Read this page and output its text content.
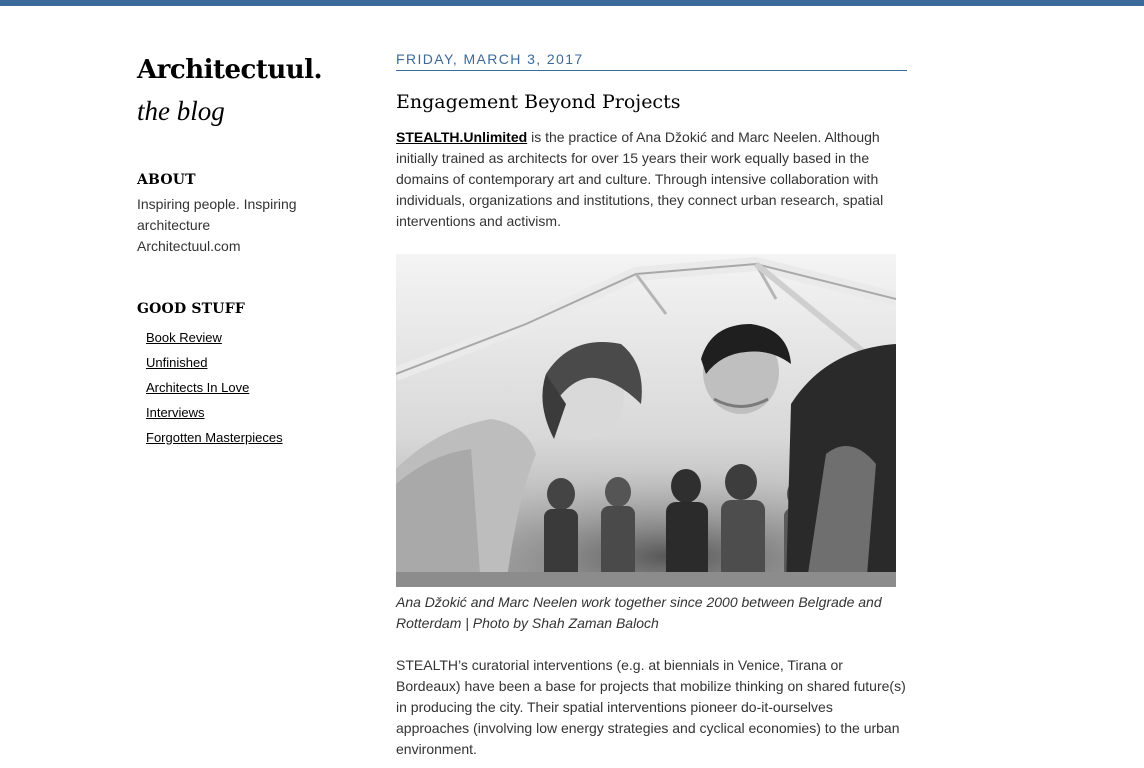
Architectuul.
the blog
ABOUT
Inspiring people. Inspiring architecture
Architectuul.com
GOOD STUFF
Book Review
Unfinished
Architects In Love
Interviews
Forgotten Masterpieces
FRIDAY, MARCH 3, 2017
Engagement Beyond Projects

STEALTH.Unlimited is the practice of Ana Džokić and Marc Neelen. Although initially trained as architects for over 15 years their work equally based in the domains of contemporary art and culture. Through intensive collaboration with individuals, organizations and institutions, they connect urban research, spatial interventions and activism.

Ana Džokić and Marc Neelen work together since 2000 between Belgrade and Rotterdam | Photo by Shah Zaman Baloch

STEALTH’s curatorial interventions (e.g. at biennials in Venice, Tirana or Bordeaux) have been a base for projects that mobilize thinking on shared future(s) in producing the city. Their spatial interventions pioneer do-it-ourselves approaches (involving low energy strategies and cyclical economies) to the urban environment.
